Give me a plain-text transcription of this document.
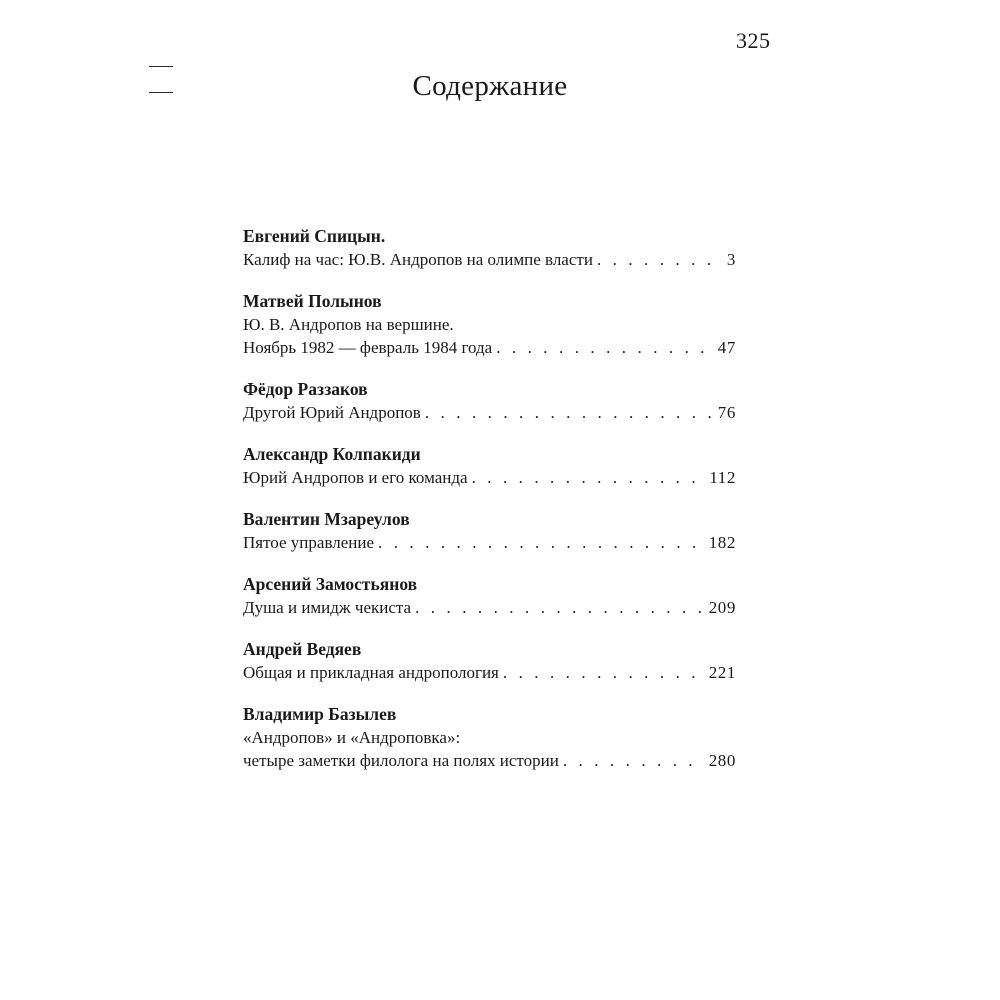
325
Содержание
Евгений Спицын.
Калиф на час: Ю.В. Андропов на олимпе власти . . .	3
Матвей Полынов
Ю. В. Андропов на вершине.
Ноябрь 1982 — февраль 1984 года . . .	47
Фёдор Раззаков
Другой Юрий Андропов . . .	76
Александр Колпакиди
Юрий Андропов и его команда . . .	112
Валентин Мзареулов
Пятое управление . . .	182
Арсений Замостьянов
Душа и имидж чекиста . . .	209
Андрей Ведяев
Общая и прикладная андропология . . .	221
Владимир Базылев
«Андропов» и «Андроповка»:
четыре заметки филолога на полях истории . . .	280
